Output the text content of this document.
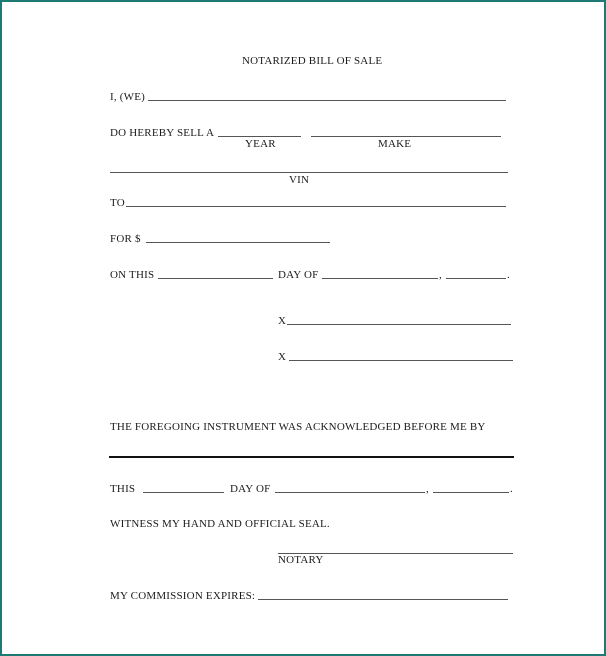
NOTARIZED BILL OF SALE
I, (WE)
DO HEREBY SELL A
YEAR	MAKE
VIN
TO
FOR $
ON THIS	DAY OF	,	.
X
X
THE FOREGOING INSTRUMENT WAS ACKNOWLEDGED BEFORE ME BY
THIS	DAY OF	,	.
WITNESS MY HAND AND OFFICIAL SEAL.
NOTARY
MY COMMISSION EXPIRES:
